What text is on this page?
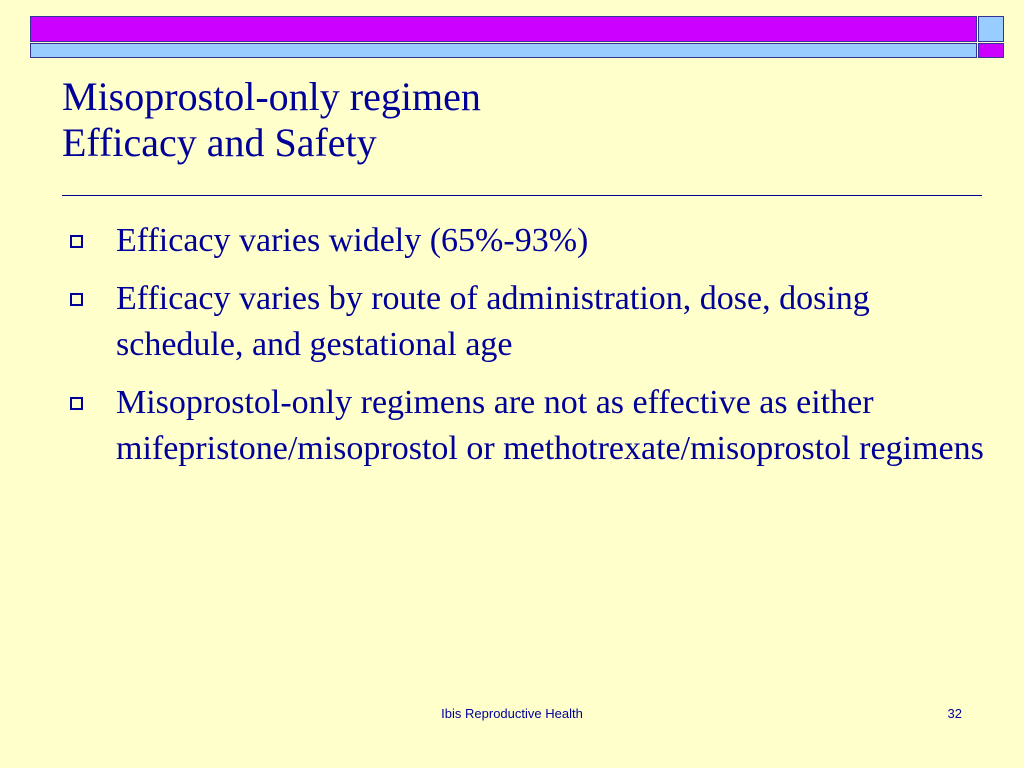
Misoprostol-only regimen
Efficacy and Safety
Efficacy varies widely (65%-93%)
Efficacy varies by route of administration, dose, dosing schedule, and gestational age
Misoprostol-only regimens are not as effective as either mifepristone/misoprostol or methotrexate/misoprostol regimens
Ibis Reproductive Health	32
